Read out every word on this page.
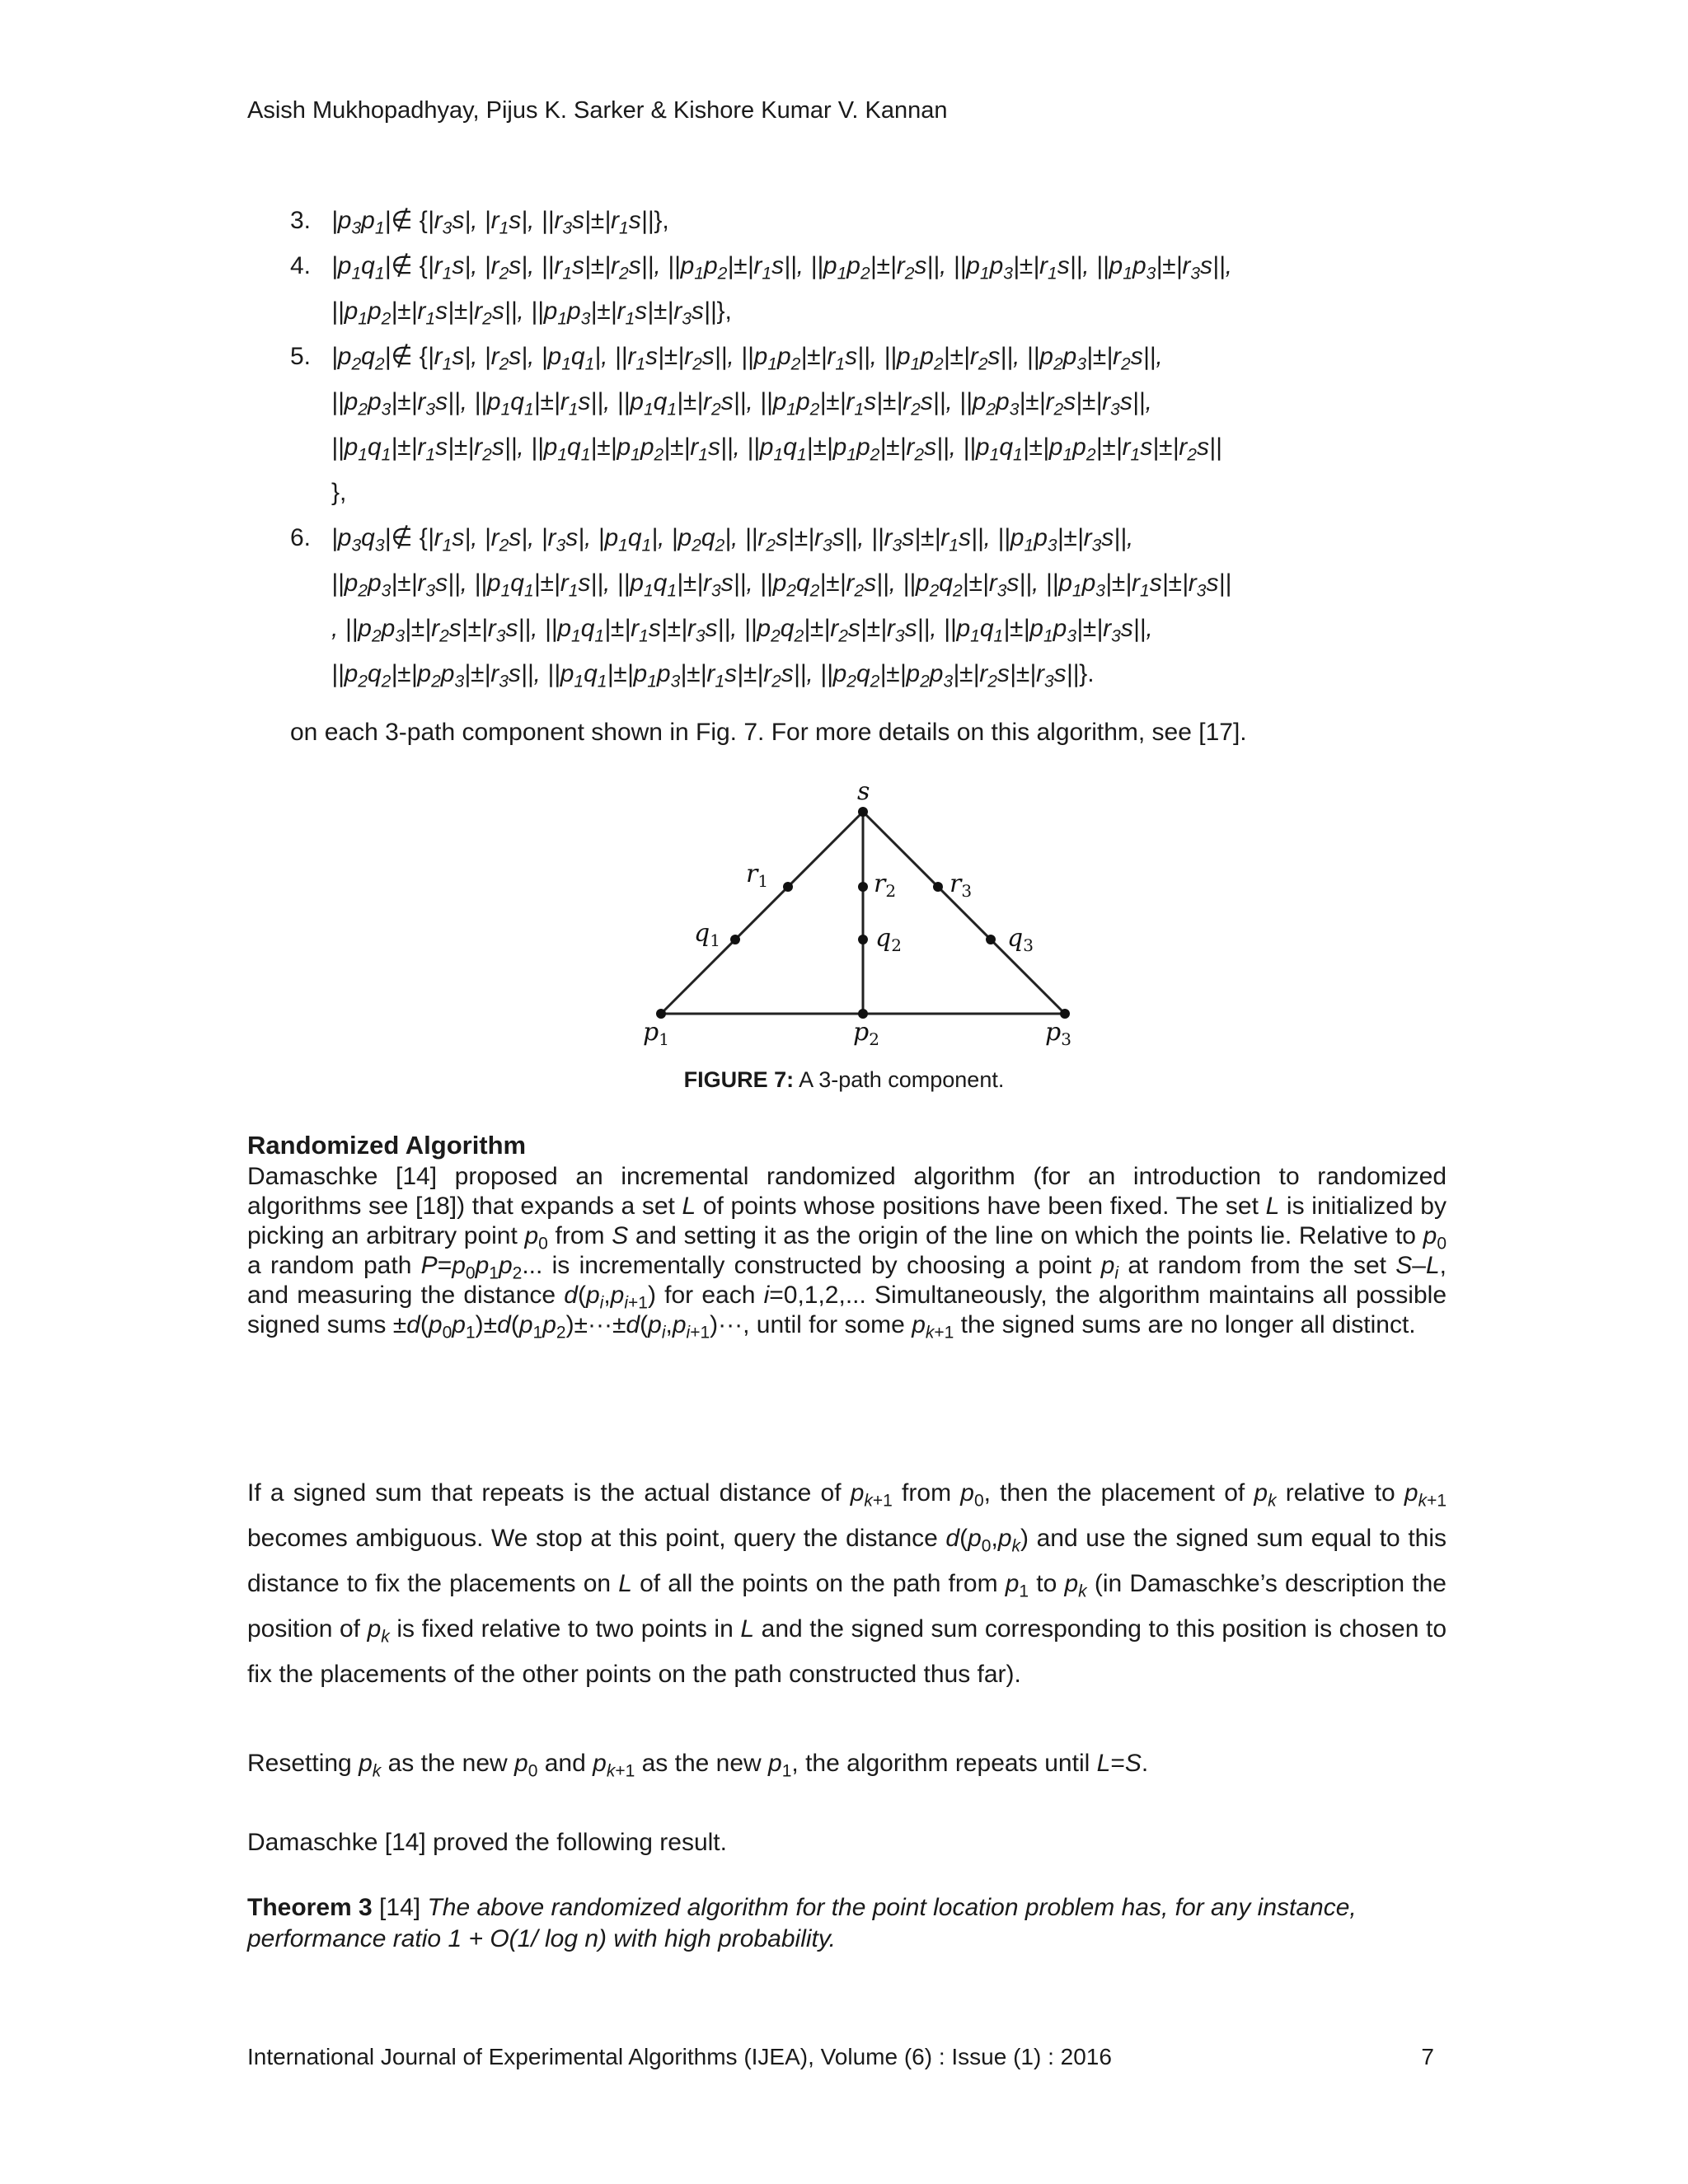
Asish Mukhopadhyay, Pijus K. Sarker & Kishore Kumar V. Kannan
3. $|p_3p_1|\notin$ {$|r_3s|$, $|r_1s|$, $||r_3s|\pm|r_1s||$},
4. $|p_1q_1|\notin$ {$|r_1s|$, $|r_2s|$, $||r_1s|\pm|r_2s||$, $||p_1p_2|\pm|r_1s||$, $||p_1p_2|\pm|r_2s||$, $||p_1p_3|\pm|r_1s||$, $||p_1p_3|\pm|r_3s||$,
$||p_1p_2|\pm|r_1s|\pm|r_2s||$, $||p_1p_3|\pm|r_1s|\pm|r_3s||$},
5. $|p_2q_2|\notin$ {$|r_1s|$, $|r_2s|$, $|p_1q_1|$, $||r_1s|\pm|r_2s||$, $||p_1p_2|\pm|r_1s||$, $||p_1p_2|\pm|r_2s||$, $||p_2p_3|\pm|r_2s||$,
$||p_2p_3|\pm|r_3s||$, $||p_1q_1|\pm|r_1s||$, $||p_1q_1|\pm|r_2s||$, $||p_1p_2|\pm|r_1s|\pm|r_2s||$, $||p_2p_3|\pm|r_2s|\pm|r_3s||$,
$||p_1q_1|\pm|r_1s|\pm|r_2s||$, $||p_1q_1|\pm|p_1p_2|\pm|r_1s||$, $||p_1q_1|\pm|p_1p_2|\pm|r_2s||$, $||p_1q_1|\pm|p_1p_2|\pm|r_1s|\pm|r_2s||$
},
6. $|p_3q_3|\notin$ {$|r_1s|$, $|r_2s|$, $|r_3s|$, $|p_1q_1|$, $|p_2q_2|$, $||r_2s|\pm|r_3s||$, $||r_3s|\pm|r_1s||$, $||p_1p_3|\pm|r_3s||$,
$||p_2p_3|\pm|r_3s||$, $||p_1q_1|\pm|r_1s||$, $||p_1q_1|\pm|r_3s||$, $||p_2q_2|\pm|r_2s||$, $||p_2q_2|\pm|r_3s||$, $||p_1p_3|\pm|r_1s|\pm|r_3s||$
, $||p_2p_3|\pm|r_2s|\pm|r_3s||$, $||p_1q_1|\pm|r_1s|\pm|r_3s||$, $||p_2q_2|\pm|r_2s|\pm|r_3s||$, $||p_1q_1|\pm|p_1p_3|\pm|r_3s||$,
$||p_2q_2|\pm|p_2p_3|\pm|r_3s||$, $||p_1q_1|\pm|p_1p_3|\pm|r_1s|\pm|r_2s||$, $||p_2q_2|\pm|p_2p_3|\pm|r_2s|\pm|r_3s||$}.
on each 3-path component shown in Fig. 7. For more details on this algorithm, see [17].
s
$r_1$	$r_2$ $r_3$
$q_1$	$q_2$	$q_3$
$p_1$	$p_2$	$p_3$
FIGURE 7: A 3-path component.
Randomized Algorithm
Damaschke [14] proposed an incremental randomized algorithm (for an introduction to randomized algorithms see [18]) that expands a set L of points whose positions have been fixed. The set L is initialized by picking an arbitrary point $p_0$ from S and setting it as the origin of the line on which the points lie. Relative to $p_0$ a random path $P=p_0p_1p_2$... is incrementally constructed by choosing a point $p_i$ at random from the set S–L, and measuring the distance $d(p_i,p_{i+1})$ for each i=0,1,2,... Simultaneously, the algorithm maintains all possible signed sums $\pm d(p_0p_1)\pm d(p_1p_2)\pm\cdot\cdot\cdot\pm d(p_i,p_{i+1})\cdot\cdot\cdot$, until for some $p_{k+1}$ the signed sums are no longer all distinct.
If a signed sum that repeats is the actual distance of $p_{k+1}$ from $p_0$, then the placement of $p_k$ relative to $p_{k+1}$ becomes ambiguous. We stop at this point, query the distance $d(p_0,p_k)$ and use the signed sum equal to this distance to fix the placements on L of all the points on the path from $p_1$ to $p_k$ (in Damaschke’s description the position of $p_k$ is fixed relative to two points in L and the signed sum corresponding to this position is chosen to fix the placements of the other points on the path constructed thus far).
Resetting $p_k$ as the new $p_0$ and $p_{k+1}$ as the new $p_1$, the algorithm repeats until L=S.
Damaschke [14] proved the following result.
Theorem 3 [14] The above randomized algorithm for the point location problem has, for any instance, performance ratio 1 + O(1/ log n) with high probability.
International Journal of Experimental Algorithms (IJEA), Volume (6) : Issue (1) : 2016	7
